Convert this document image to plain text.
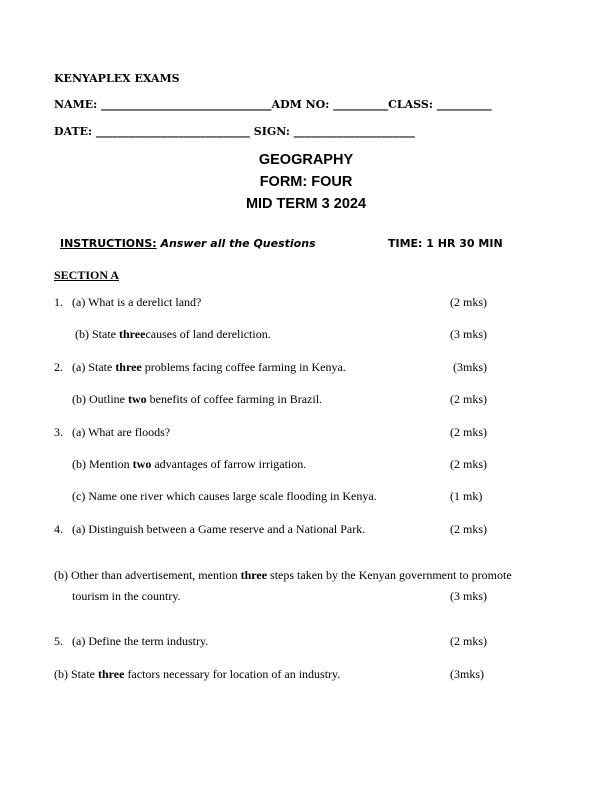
KENYAPLEX EXAMS
NAME: _______________________________ADM NO: __________CLASS: __________
DATE: ____________________________ SIGN: ______________________
GEOGRAPHY
FORM: FOUR
MID TERM 3 2024
INSTRUCTIONS: Answer all the Questions	TIME: 1 HR 30 MIN
SECTION A
1. (a) What is a derelict land?	(2 mks)
(b) State threecauses of land dereliction.	(3 mks)
2. (a) State three problems facing coffee farming in Kenya.	(3mks)
(b) Outline two benefits of coffee farming in Brazil.	(2 mks)
3. (a) What are floods?	(2 mks)
(b) Mention two advantages of farrow irrigation.	(2 mks)
(c) Name one river which causes large scale flooding in Kenya.	(1 mk)
4. (a) Distinguish between a Game reserve and a National Park.	(2 mks)
(b) Other than advertisement, mention three steps taken by the Kenyan government to promote
tourism in the country.	(3 mks)
5. (a) Define the term industry.	(2 mks)
(b) State three factors necessary for location of an industry.	(3mks)
